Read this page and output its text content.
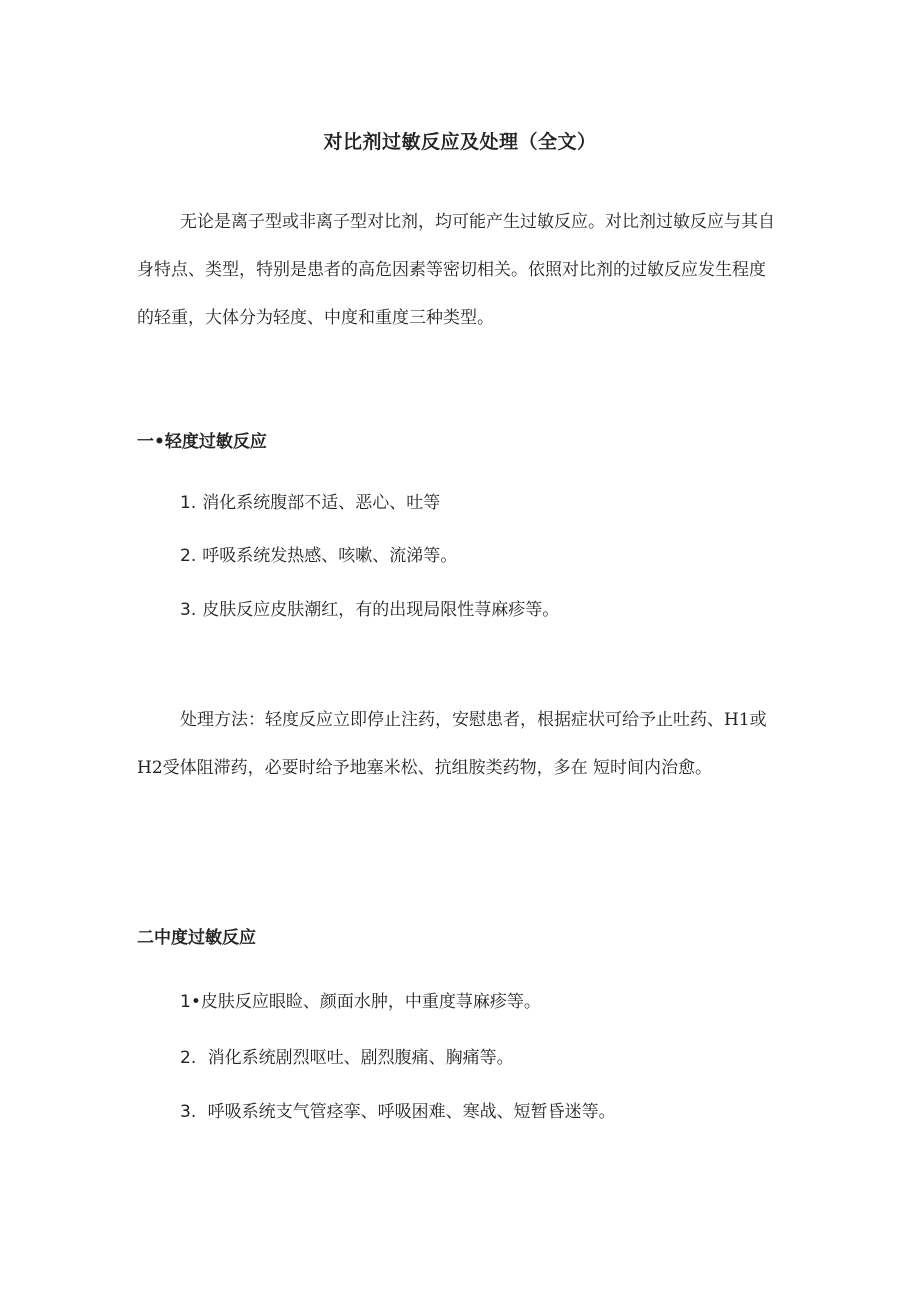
对比剂过敏反应及处理（全文）

无论是离子型或非离子型对比剂，均可能产生过敏反应。对比剂过敏反应与其自身特点、类型，特别是患者的高危因素等密切相关。依照对比剂的过敏反应发生程度的轻重，大体分为轻度、中度和重度三种类型。

一•轻度过敏反应
1. 消化系统腹部不适、恶心、吐等
2. 呼吸系统发热感、咳嗽、流涕等。
3. 皮肤反应皮肤潮红，有的出现局限性荨麻疹等。

处理方法：轻度反应立即停止注药，安慰患者，根据症状可给予止吐药、H1或H2受体阻滞药，必要时给予地塞米松、抗组胺类药物，多在 短时间内治愈。

二中度过敏反应
1•皮肤反应眼睑、颜面水肿，中重度荨麻疹等。
2. 消化系统剧烈呕吐、剧烈腹痛、胸痛等。
3. 呼吸系统支气管痉挛、呼吸困难、寒战、短暂昏迷等。
